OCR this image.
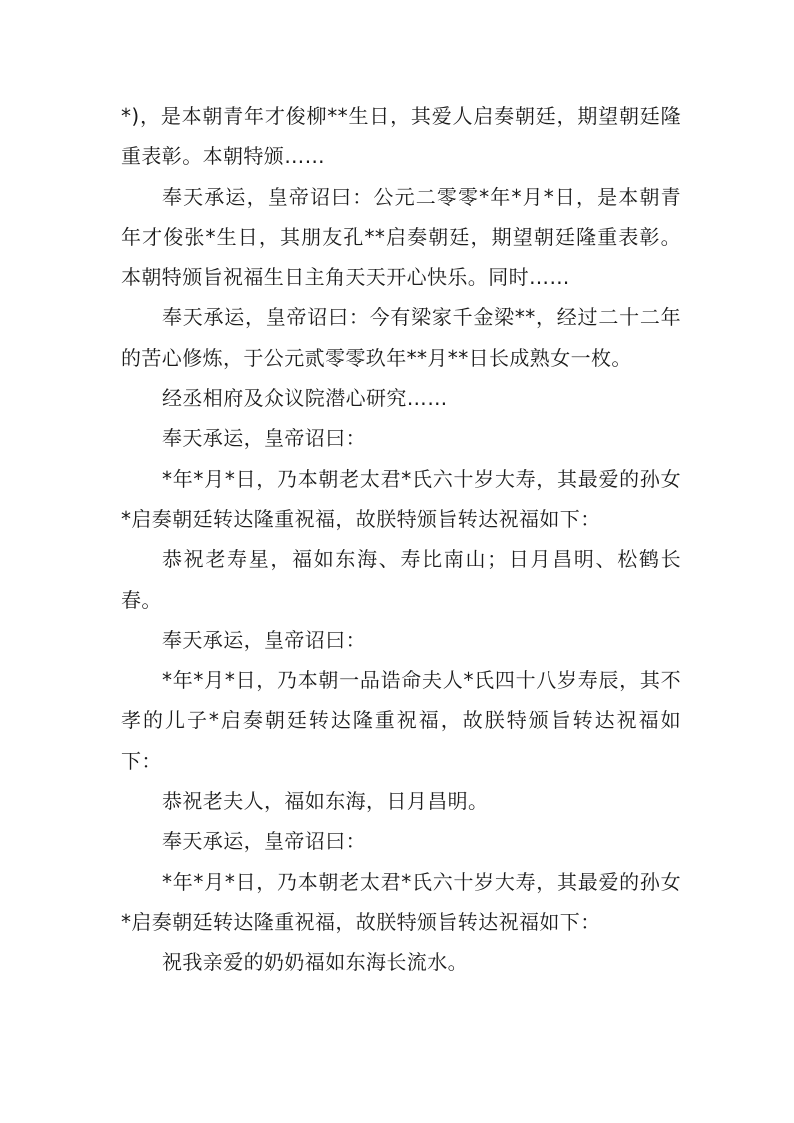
*)，是本朝青年才俊柳**生日，其爱人启奏朝廷，期望朝廷隆重表彰。本朝特颁……

奉天承运，皇帝诏曰：公元二零零*年*月*日，是本朝青年才俊张*生日，其朋友孔**启奏朝廷，期望朝廷隆重表彰。本朝特颁旨祝福生日主角天天开心快乐。同时……

奉天承运，皇帝诏曰：今有梁家千金梁**，经过二十二年的苦心修炼，于公元贰零零玖年**月**日长成熟女一枚。

经丞相府及众议院潜心研究……

奉天承运，皇帝诏曰：

*年*月*日，乃本朝老太君*氏六十岁大寿，其最爱的孙女*启奏朝廷转达隆重祝福，故朕特颁旨转达祝福如下：

恭祝老寿星，福如东海、寿比南山；日月昌明、松鹤长春。

奉天承运，皇帝诏曰：

*年*月*日，乃本朝一品诰命夫人*氏四十八岁寿辰，其不孝的儿子*启奏朝廷转达隆重祝福，故朕特颁旨转达祝福如下：

恭祝老夫人，福如东海，日月昌明。

奉天承运，皇帝诏曰：

*年*月*日，乃本朝老太君*氏六十岁大寿，其最爱的孙女*启奏朝廷转达隆重祝福，故朕特颁旨转达祝福如下：

祝我亲爱的奶奶福如东海长流水。
